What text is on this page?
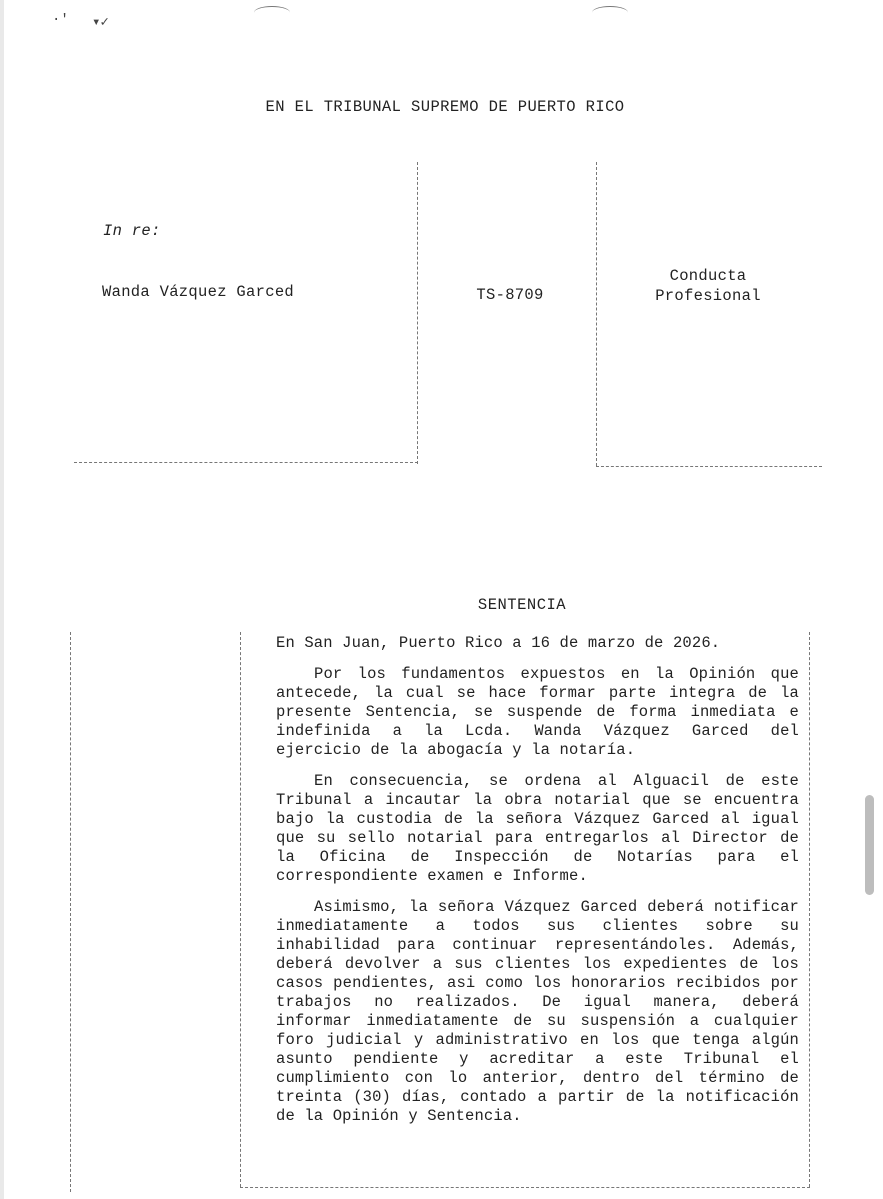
·' ▾✓
EN EL TRIBUNAL SUPREMO DE PUERTO RICO
In re:
Wanda Vázquez Garced	TS-8709
Conducta
Profesional
SENTENCIA

En San Juan, Puerto Rico a 16 de marzo de 2026.

Por los fundamentos expuestos en la Opinión que antecede, la cual se hace formar parte integra de la presente Sentencia, se suspende de forma inmediata e indefinida a la Lcda. Wanda Vázquez Garced del ejercicio de la abogacía y la notaría.

En consecuencia, se ordena al Alguacil de este Tribunal a incautar la obra notarial que se encuentra bajo la custodia de la señora Vázquez Garced al igual que su sello notarial para entregarlos al Director de la Oficina de Inspección de Notarías para el correspondiente examen e Informe.

Asimismo, la señora Vázquez Garced deberá notificar inmediatamente a todos sus clientes sobre su inhabilidad para continuar representándoles. Además, deberá devolver a sus clientes los expedientes de los casos pendientes, asi como los honorarios recibidos por trabajos no realizados. De igual manera, deberá informar inmediatamente de su suspensión a cualquier foro judicial y administrativo en los que tenga algún asunto pendiente y acreditar a este Tribunal el cumplimiento con lo anterior, dentro del término de treinta (30) días, contado a partir de la notificación de la Opinión y Sentencia.
